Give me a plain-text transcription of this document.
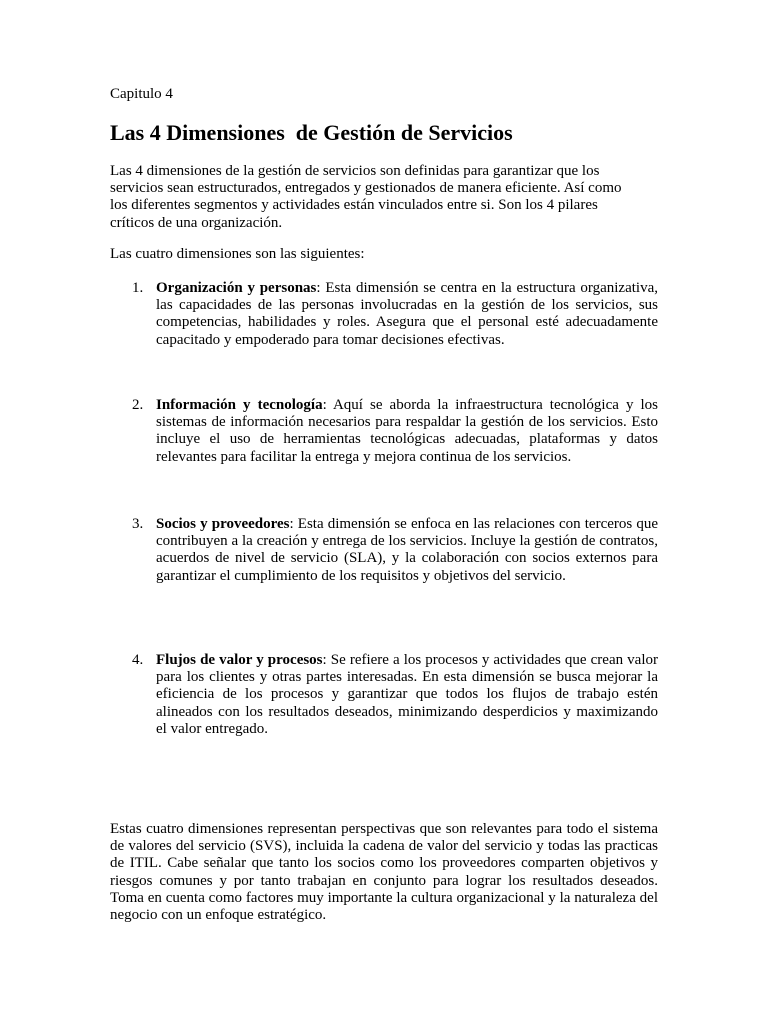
Capitulo 4

Las 4 Dimensiones  de Gestión de Servicios

Las 4 dimensiones de la gestión de servicios son definidas para garantizar que los servicios sean estructurados, entregados y gestionados de manera eficiente. Así como los diferentes segmentos y actividades están vinculados entre si. Son los 4 pilares críticos de una organización.

Las cuatro dimensiones son las siguientes:

1. Organización y personas: Esta dimensión se centra en la estructura organizativa, las capacidades de las personas involucradas en la gestión de los servicios, sus competencias, habilidades y roles. Asegura que el personal esté adecuadamente capacitado y empoderado para tomar decisiones efectivas.
2. Información y tecnología: Aquí se aborda la infraestructura tecnológica y los sistemas de información necesarios para respaldar la gestión de los servicios. Esto incluye el uso de herramientas tecnológicas adecuadas, plataformas y datos relevantes para facilitar la entrega y mejora continua de los servicios.
3. Socios y proveedores: Esta dimensión se enfoca en las relaciones con terceros que contribuyen a la creación y entrega de los servicios. Incluye la gestión de contratos, acuerdos de nivel de servicio (SLA), y la colaboración con socios externos para garantizar el cumplimiento de los requisitos y objetivos del servicio.
4. Flujos de valor y procesos: Se refiere a los procesos y actividades que crean valor para los clientes y otras partes interesadas. En esta dimensión se busca mejorar la eficiencia de los procesos y garantizar que todos los flujos de trabajo estén alineados con los resultados deseados, minimizando desperdicios y maximizando el valor entregado.

Estas cuatro dimensiones representan perspectivas que son relevantes para todo el sistema de valores del servicio (SVS), incluida la cadena de valor del servicio y todas las practicas de ITIL. Cabe señalar que tanto los socios como los proveedores comparten objetivos y riesgos comunes y por tanto trabajan en conjunto para lograr los resultados deseados. Toma en cuenta como factores muy importante la cultura organizacional y la naturaleza del negocio con un enfoque estratégico.
